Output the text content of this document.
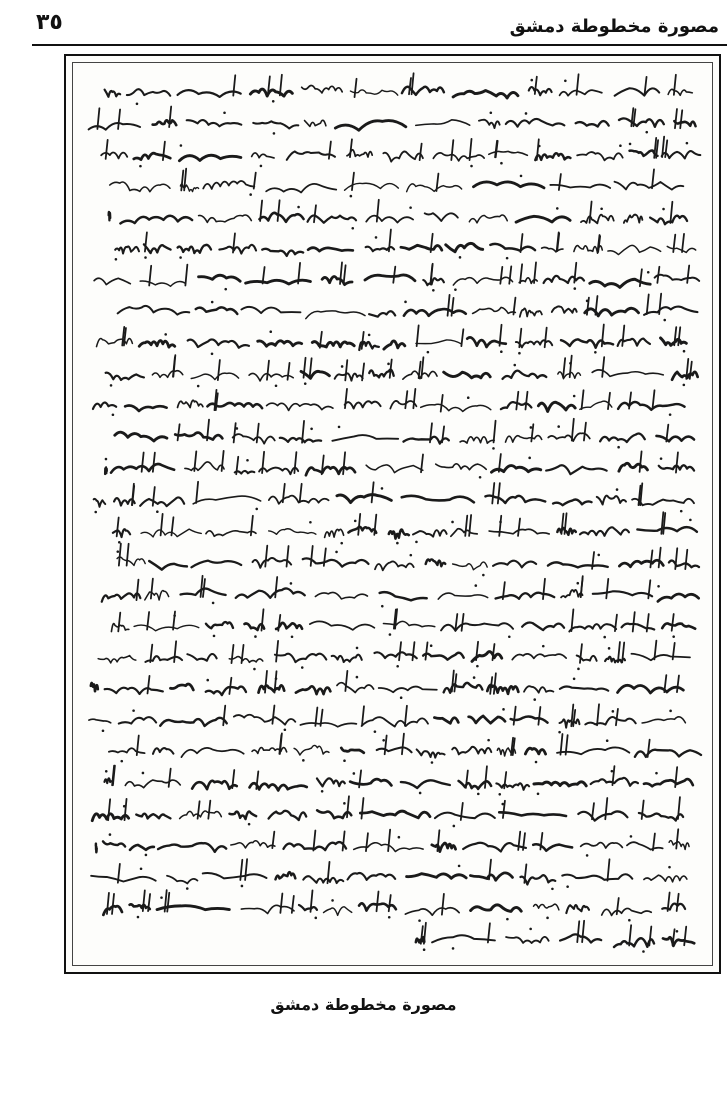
٣٥	مصورة مخطوطة دمشق
مصورة مخطوطة دمشق
